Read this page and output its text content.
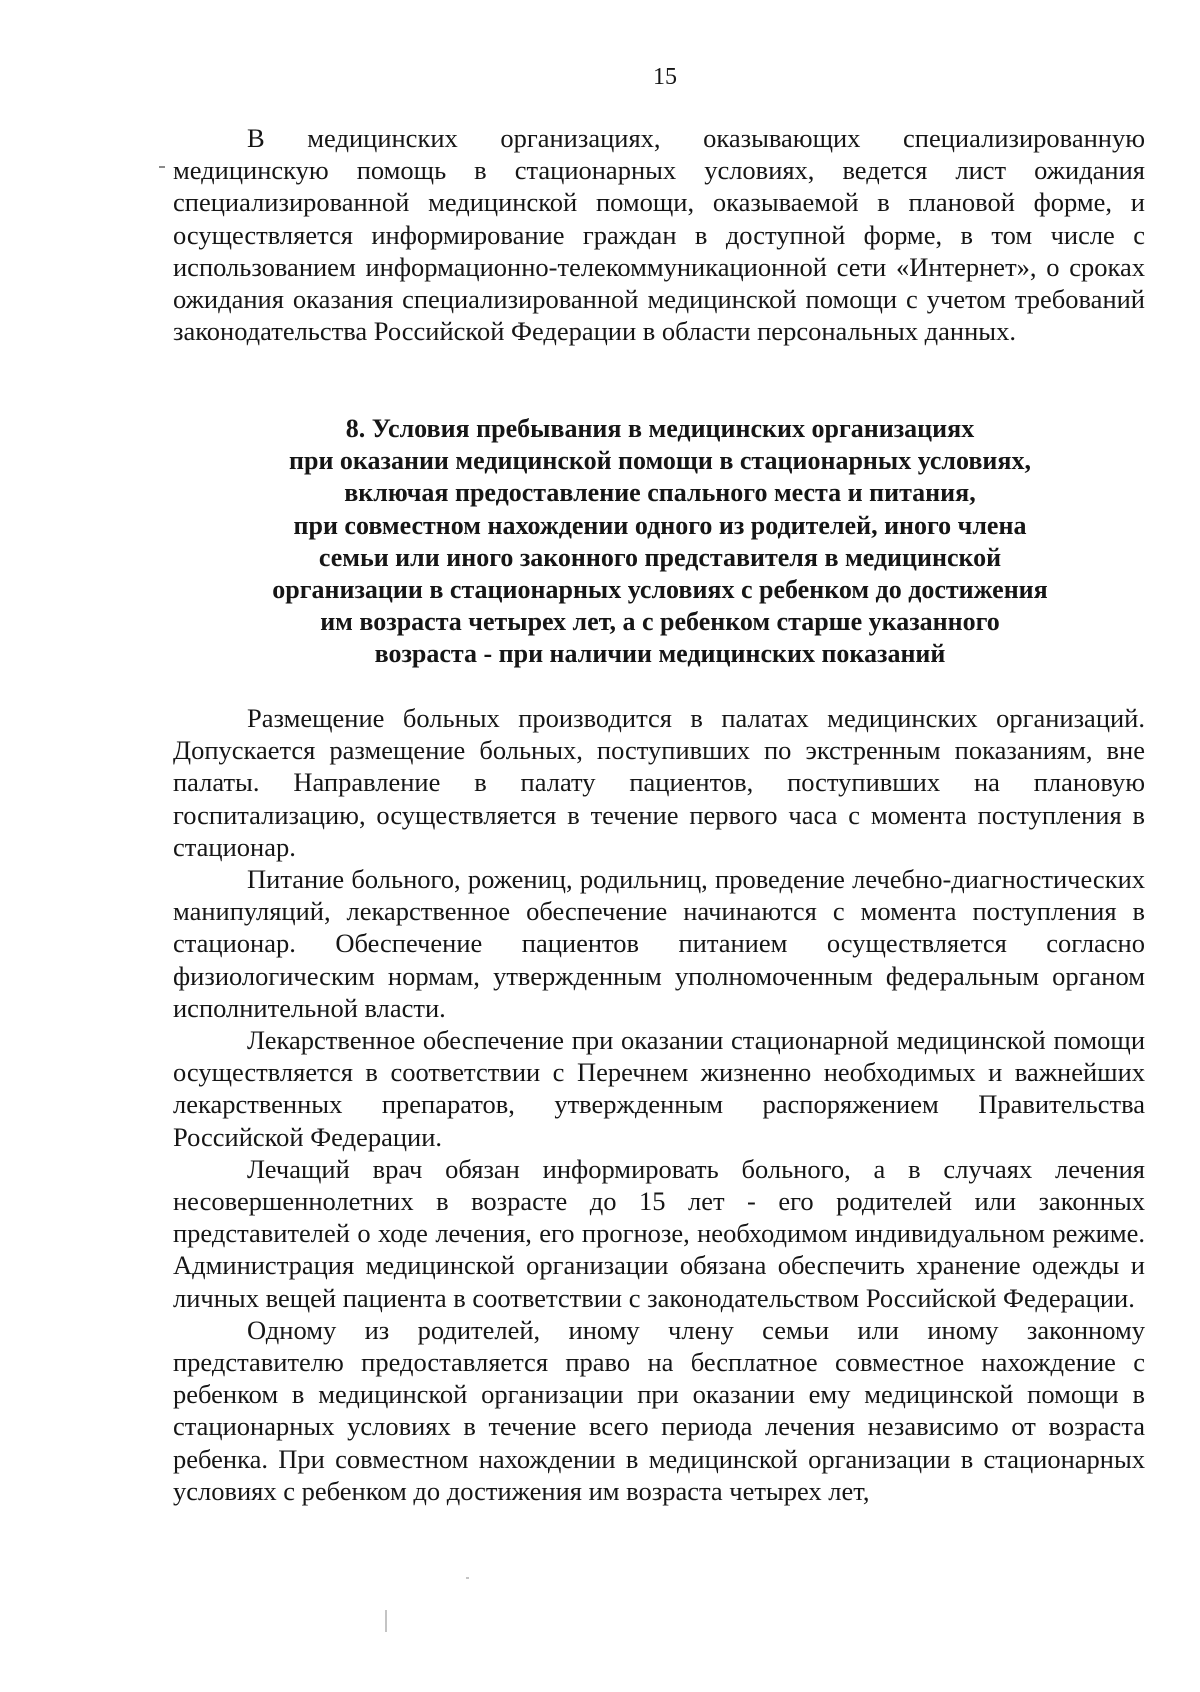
15

В медицинских организациях, оказывающих специализированную медицинскую помощь в стационарных условиях, ведется лист ожидания специализированной медицинской помощи, оказываемой в плановой форме, и осуществляется информирование граждан в доступной форме, в том числе с использованием информационно-телекоммуникационной сети «Интернет», о сроках ожидания оказания специализированной медицинской помощи с учетом требований законодательства Российской Федерации в области персональных данных.

8. Условия пребывания в медицинских организациях
при оказании медицинской помощи в стационарных условиях,
включая предоставление спального места и питания,
при совместном нахождении одного из родителей, иного члена
семьи или иного законного представителя в медицинской
организации в стационарных условиях с ребенком до достижения
им возраста четырех лет, а с ребенком старше указанного
возраста - при наличии медицинских показаний

Размещение больных производится в палатах медицинских организаций. Допускается размещение больных, поступивших по экстренным показаниям, вне палаты. Направление в палату пациентов, поступивших на плановую госпитализацию, осуществляется в течение первого часа с момента поступления в стационар.

Питание больного, рожениц, родильниц, проведение лечебно-диагностических манипуляций, лекарственное обеспечение начинаются с момента поступления в стационар. Обеспечение пациентов питанием осуществляется согласно физиологическим нормам, утвержденным уполномоченным федеральным органом исполнительной власти.

Лекарственное обеспечение при оказании стационарной медицинской помощи осуществляется в соответствии с Перечнем жизненно необходимых и важнейших лекарственных препаратов, утвержденным распоряжением Правительства Российской Федерации.

Лечащий врач обязан информировать больного, а в случаях лечения несовершеннолетних в возрасте до 15 лет - его родителей или законных представителей о ходе лечения, его прогнозе, необходимом индивидуальном режиме. Администрация медицинской организации обязана обеспечить хранение одежды и личных вещей пациента в соответствии с законодательством Российской Федерации.

Одному из родителей, иному члену семьи или иному законному представителю предоставляется право на бесплатное совместное нахождение с ребенком в медицинской организации при оказании ему медицинской помощи в стационарных условиях в течение всего периода лечения независимо от возраста ребенка. При совместном нахождении в медицинской организации в стационарных условиях с ребенком до достижения им возраста четырех лет,
